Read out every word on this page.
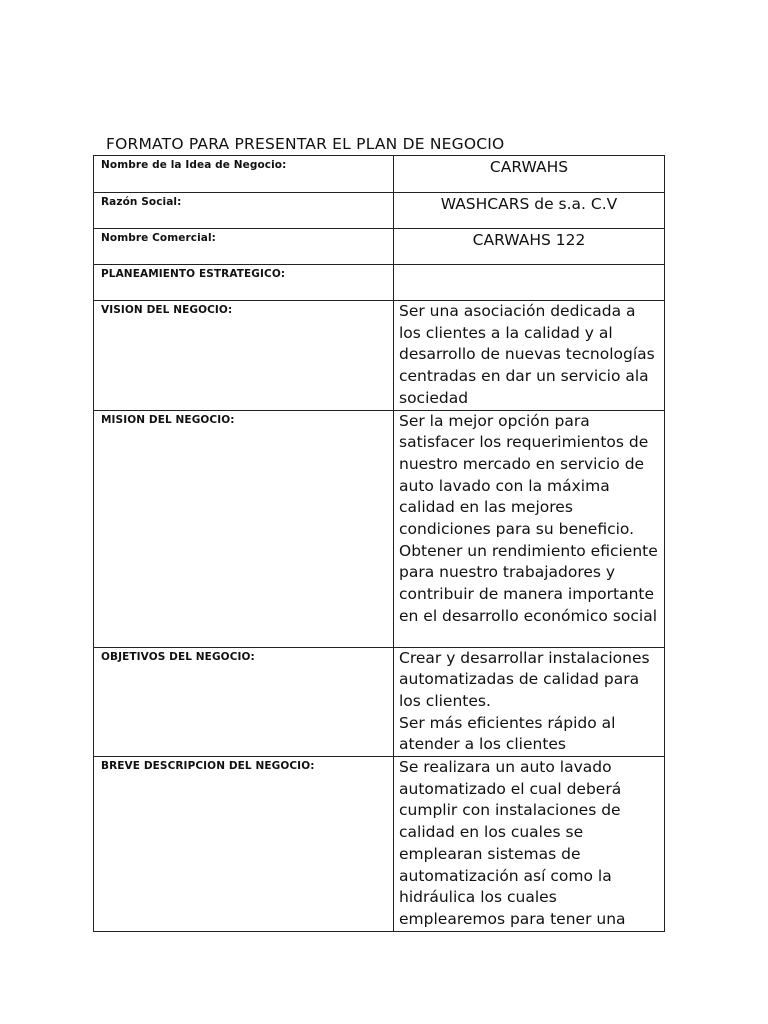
FORMATO PARA PRESENTAR EL PLAN DE NEGOCIO
Nombre de la Idea de Negocio:	CARWAHS
Razón Social:	WASHCARS de s.a. C.V
Nombre Comercial:	CARWAHS 122
PLANEAMIENTO ESTRATEGICO:	
VISION DEL NEGOCIO:	Ser una asociación dedicada a los clientes a la calidad y al desarrollo de nuevas tecnologías centradas en dar un servicio ala sociedad

MISION DEL NEGOCIO:	Ser la mejor opción para satisfacer los requerimientos de nuestro mercado en servicio de auto lavado con la máxima calidad en las mejores condiciones para su beneficio.
Obtener un rendimiento eficiente para nuestro trabajadores y contribuir de manera importante en el desarrollo económico social

OBJETIVOS DEL NEGOCIO:	Crear y desarrollar instalaciones automatizadas de calidad para los clientes.
Ser más eficientes rápido al atender a los clientes

BREVE DESCRIPCION DEL NEGOCIO:	Se realizara un auto lavado automatizado el cual deberá cumplir con instalaciones de calidad en los cuales se emplearan sistemas de automatización así como la hidráulica los cuales emplearemos para tener una
